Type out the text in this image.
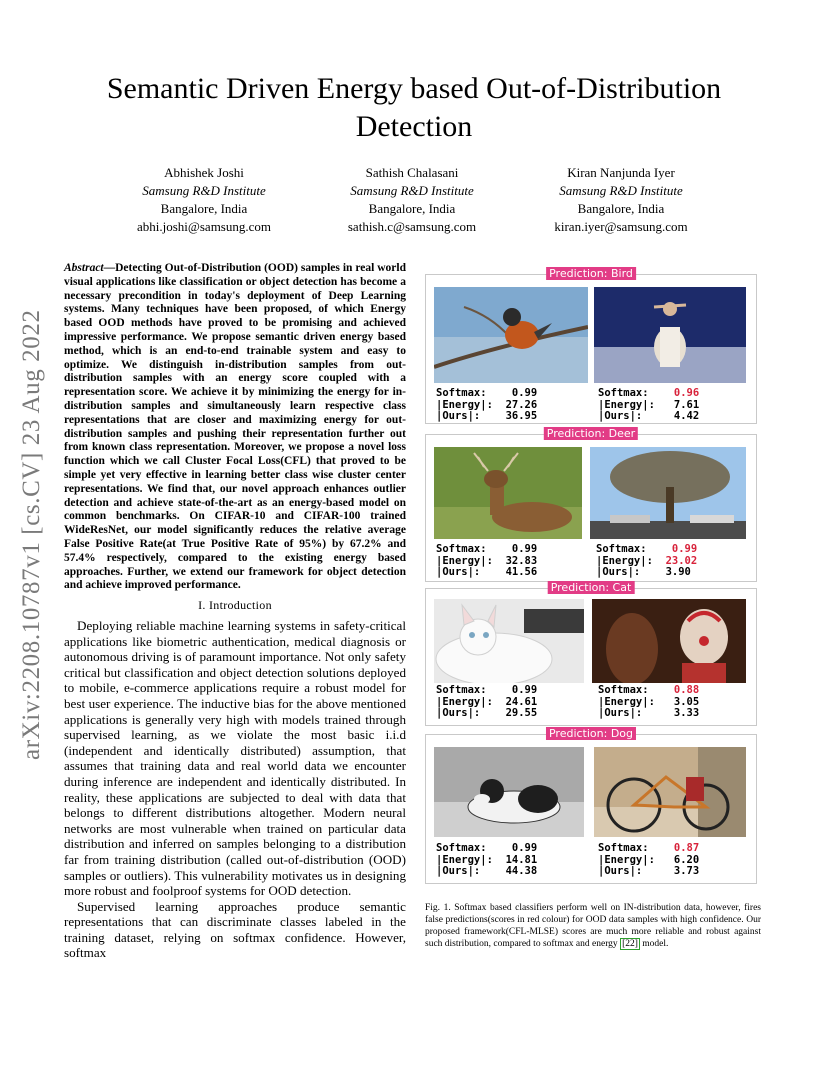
Semantic Driven Energy based Out-of-Distribution
Detection
Abhishek Joshi
Samsung R&D Institute
Bangalore, India
abhi.joshi@samsung.com
Sathish Chalasani
Samsung R&D Institute
Bangalore, India
sathish.c@samsung.com
Kiran Nanjunda Iyer
Samsung R&D Institute
Bangalore, India
kiran.iyer@samsung.com
arXiv:2208.10787v1 [cs.CV] 23 Aug 2022
Abstract—Detecting Out-of-Distribution (OOD) samples in real world visual applications like classification or object detection has become a necessary precondition in today's deployment of Deep Learning systems. Many techniques have been proposed, of which Energy based OOD methods have proved to be promising and achieved impressive performance. We propose semantic driven energy based method, which is an end-to-end trainable system and easy to optimize. We distinguish in-distribution samples from out-distribution samples with an energy score coupled with a representation score. We achieve it by minimizing the energy for in-distribution samples and simultaneously learn respective class representations that are closer and maximizing energy for out-distribution samples and pushing their representation further out from known class representation. Moreover, we propose a novel loss function which we call Cluster Focal Loss(CFL) that proved to be simple yet very effective in learning better class wise cluster center representations. We find that, our novel approach enhances outlier detection and achieve state-of-the-art as an energy-based model on common benchmarks. On CIFAR-10 and CIFAR-100 trained WideResNet, our model significantly reduces the relative average False Positive Rate(at True Positive Rate of 95%) by 67.2% and 57.4% respectively, compared to the existing energy based approaches. Further, we extend our framework for object detection and achieve improved performance.
I. Introduction

Deploying reliable machine learning systems in safety-critical applications like biometric authentication, medical diagnosis or autonomous driving is of paramount importance. Not only safety critical but classification and object detection solutions deployed to mobile, e-commerce applications require a robust model for best user experience. The inductive bias for the above mentioned applications is generally very high with models trained through supervised learning, as we violate the most basic i.i.d (independent and identically distributed) assumption, that assumes that training data and real world data we encounter during inference are independent and identically distributed. In reality, these applications are subjected to deal with data that belongs to different distributions altogether. Modern neural networks are most vulnerable when trained on particular data distribution and inferred on samples belonging to a distribution far from training distribution (called out-of-distribution (OOD) samples or outliers). This vulnerability motivates us in designing more robust and foolproof systems for OOD detection.

Supervised learning approaches produce semantic representations that can discriminate classes labeled in the training dataset, relying on softmax confidence. However, softmax

Prediction: Bird
Softmax: 0.99
|Energy|: 27.26
|Ours|: 36.95
Softmax: 0.96
|Energy|: 7.61
|Ours|:	4.42
Prediction: Deer
Softmax: 0.99
|Energy|: 32.83
|Ours|: 41.56
Softmax: 0.99
|Energy|: 23.02
|Ours|: 3.90
Prediction: Cat
Softmax: 0.99
|Energy|: 24.61
|Ours|: 29.55
Softmax: 0.88
|Energy|: 3.05
|Ours|:	3.33
Prediction: Dog
Softmax: 0.99
|Energy|: 14.81
|Ours|: 44.38
Softmax: 0.87
|Energy|: 6.20
|Ours|:	3.73
Fig. 1. Softmax based classifiers perform well on IN-distribution data, however, fires false predictions(scores in red colour) for OOD data samples with high confidence. Our proposed framework(CFL-MLSE) scores are much more reliable and robust against such distribution, compared to softmax and energy [22] model.
